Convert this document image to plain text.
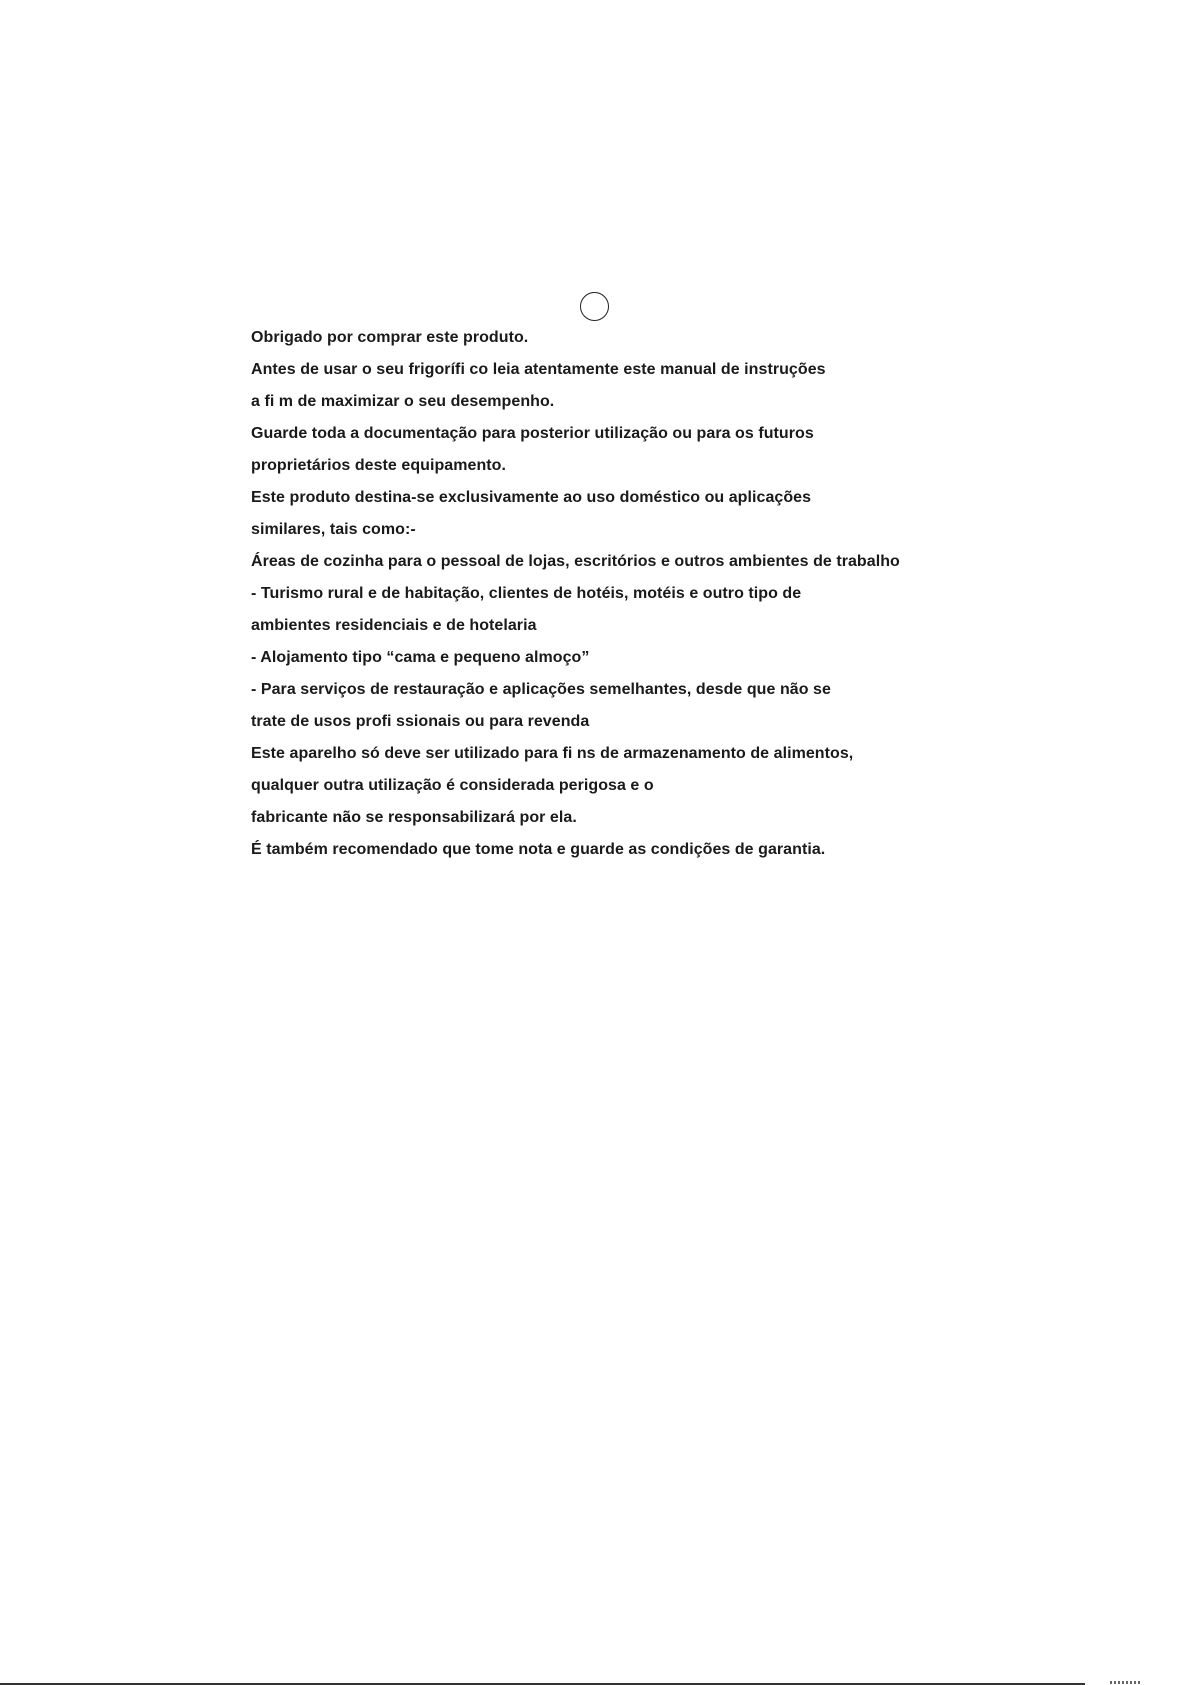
Obrigado por comprar este produto.
Antes de usar o seu frigorífi co leia atentamente este manual de instruções
a fi m de maximizar o seu desempenho.
Guarde toda a documentação para posterior utilização ou para os futuros
proprietários deste equipamento.
Este produto destina-se exclusivamente ao uso doméstico ou aplicações
similares, tais como:-
Áreas de cozinha para o pessoal de lojas, escritórios e outros ambientes de trabalho
- Turismo rural e de habitação, clientes de hotéis, motéis e outro tipo de
ambientes residenciais e de hotelaria
- Alojamento tipo “cama e pequeno almoço”
- Para serviços de restauração e aplicações semelhantes, desde que não se
trate de usos profi ssionais ou para revenda
Este aparelho só deve ser utilizado para fi ns de armazenamento de alimentos,
qualquer outra utilização é considerada perigosa e o
fabricante não se responsabilizará por ela.
É também recomendado que tome nota e guarde as condições de garantia.
